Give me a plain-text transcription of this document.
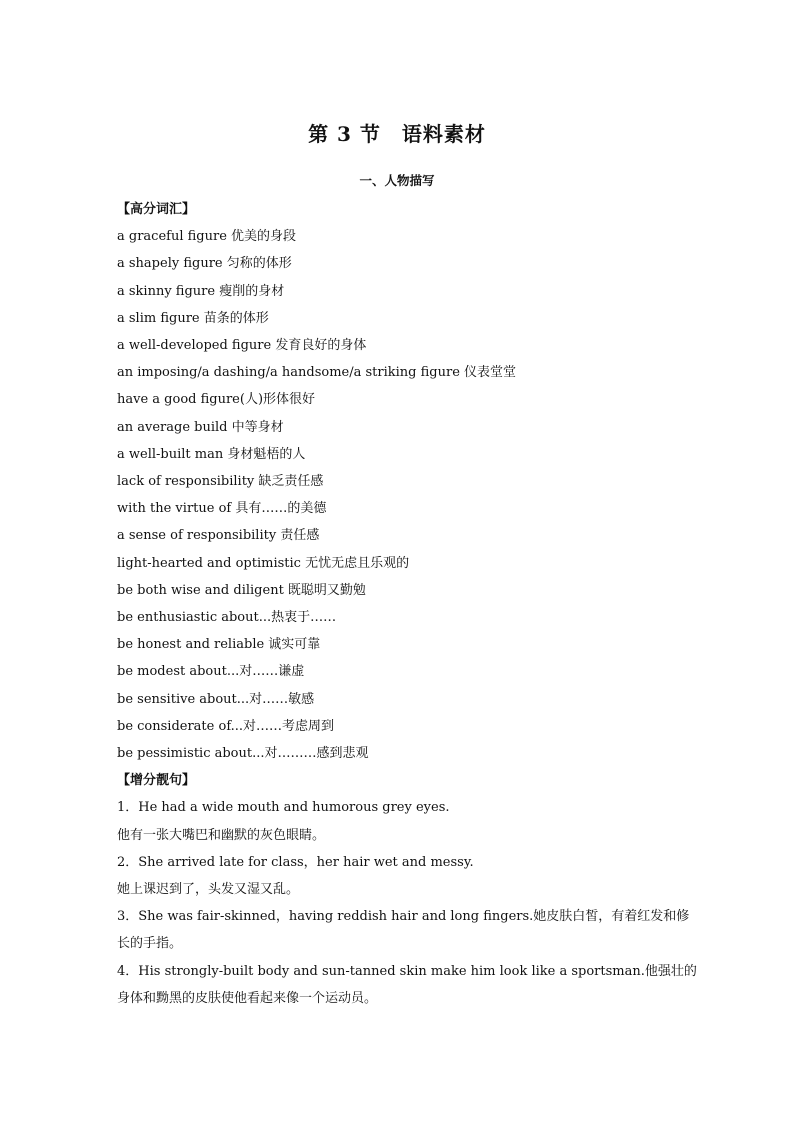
第 3 节　语料素材
一、人物描写
【高分词汇】
a graceful figure 优美的身段
a shapely figure 匀称的体形
a skinny figure 瘦削的身材
a slim figure 苗条的体形
a well-developed figure 发育良好的身体
an imposing/a dashing/a handsome/a striking figure 仪表堂堂
have a good figure(人)形体很好
an average build 中等身材
a well-built man 身材魁梧的人
lack of responsibility 缺乏责任感
with the virtue of 具有……的美德
a sense of responsibility 责任感
light-hearted and optimistic 无忧无虑且乐观的
be both wise and diligent 既聪明又勤勉
be enthusiastic about...热衷于……
be honest and reliable 诚实可靠
be modest about...对……谦虚
be sensitive about...对……敏感
be considerate of...对……考虑周到
be pessimistic about...对………感到悲观
【增分靓句】
1．He had a wide mouth and humorous grey eyes.
他有一张大嘴巴和幽默的灰色眼睛。
2．She arrived late for class，her hair wet and messy.
她上课迟到了，头发又湿又乱。
3．She was fair-skinned，having reddish hair and long fingers.她皮肤白皙，有着红发和修长的手指。
4．His strongly-built body and sun-tanned skin make him look like a sportsman.他强壮的身体和黝黑的皮肤使他看起来像一个运动员。
